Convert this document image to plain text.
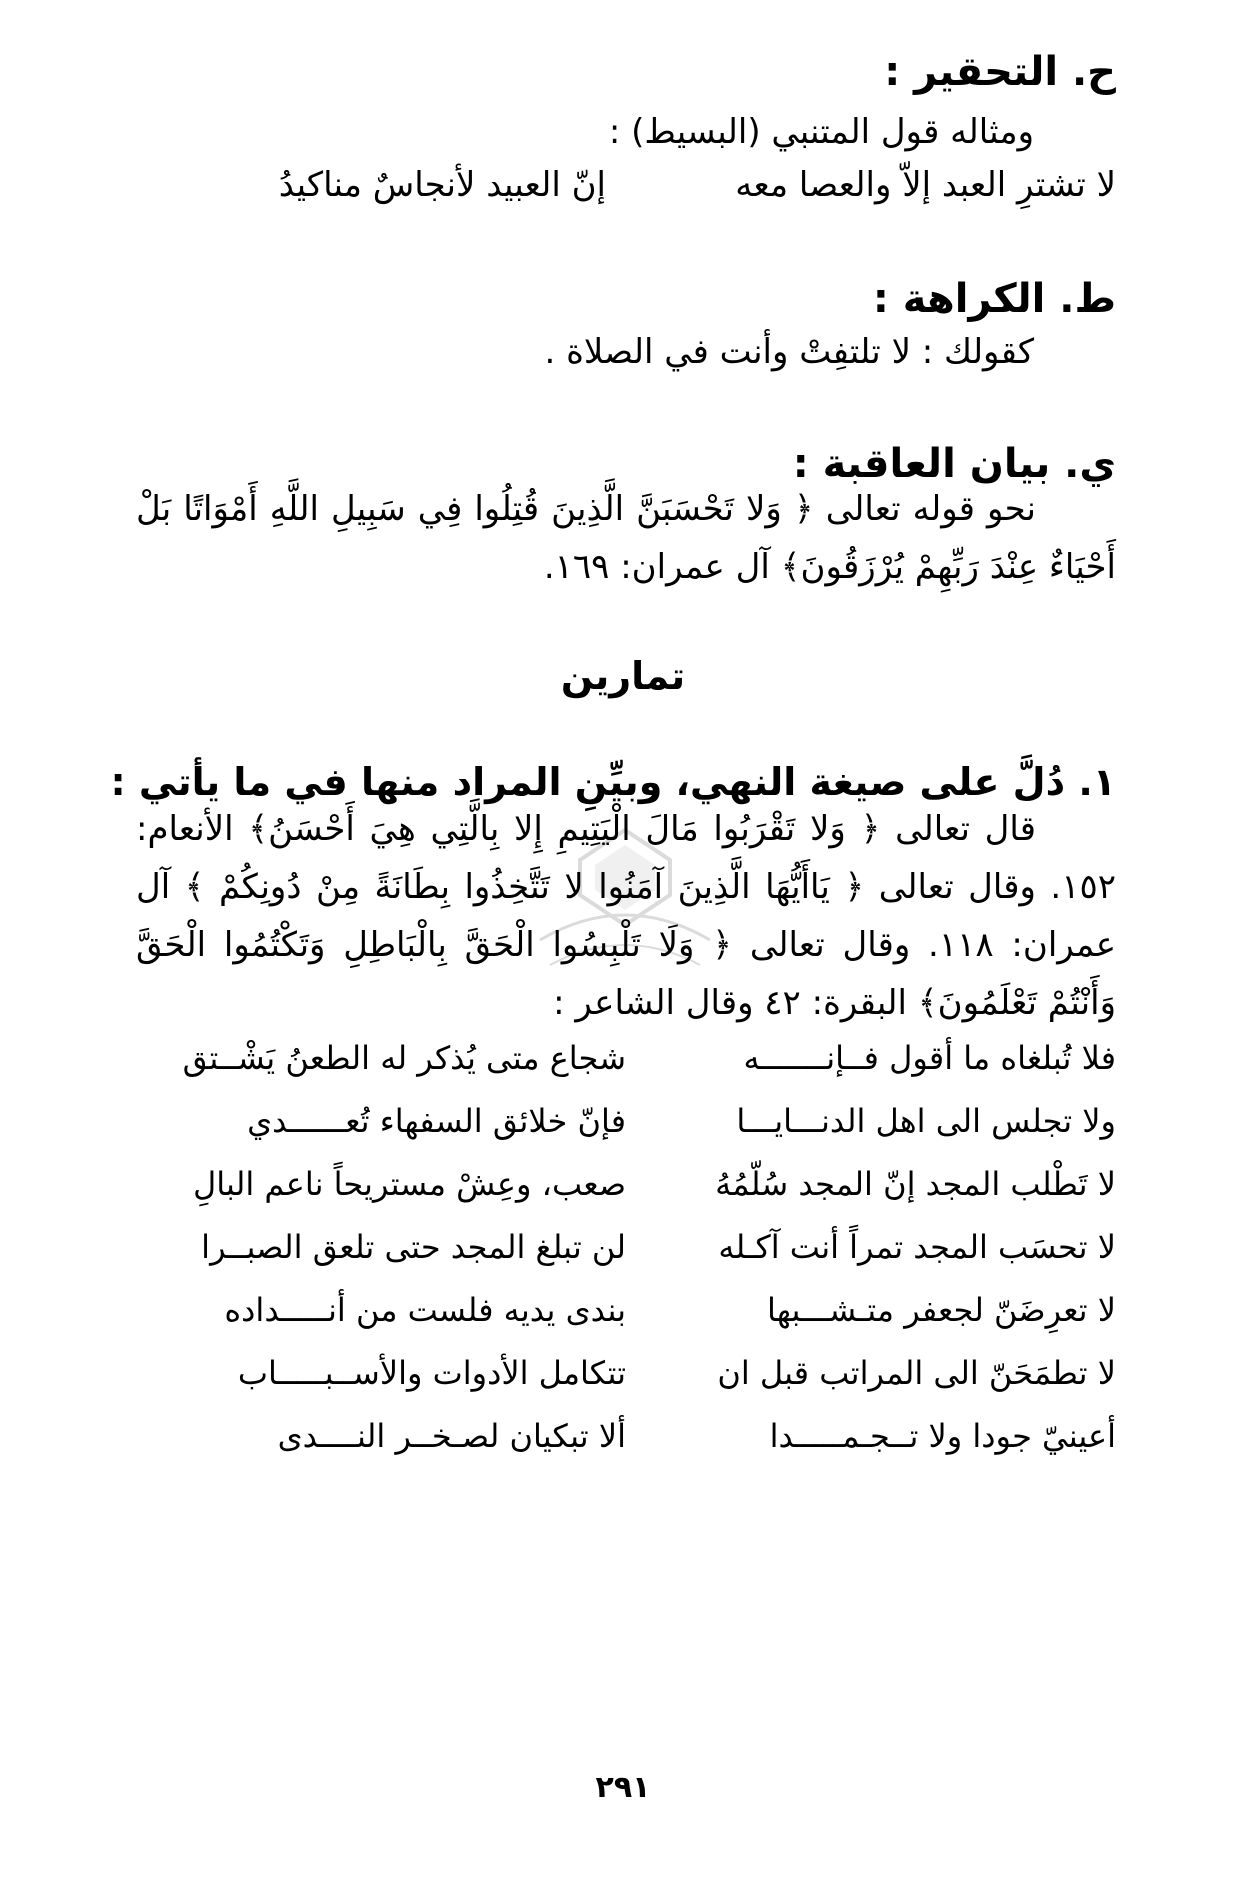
ح. التحقير :
ومثاله قول المتنبي (البسيط) :
لا تشترِ العبد إلاّ والعصا معه
إنّ العبيد لأنجاسٌ مناكيدُ
ط. الكراهة :
كقولك : لا تلتفِتْ وأنت في الصلاة .
ي. بيان العاقبة :
نحو قوله تعالى ﴿ وَلا تَحْسَبَنَّ الَّذِينَ قُتِلُوا فِي سَبِيلِ اللَّهِ أَمْوَاتًا بَلْ أَحْيَاءٌ عِنْدَ رَبِّهِمْ يُرْزَقُونَ﴾ آل عمران: ١٦٩.
تمارين
١. دُلَّ على صيغة النهي، وبيِّنِ المراد منها في ما يأتي :
قال تعالى ﴿ وَلا تَقْرَبُوا مَالَ الْيَتِيمِ إِلا بِالَّتِي هِيَ أَحْسَنُ﴾ الأنعام: ١٥٢. وقال تعالى ﴿ يَاأَيُّهَا الَّذِينَ آمَنُوا لا تَتَّخِذُوا بِطَانَةً مِنْ دُونِكُمْ ﴾ آل عمران: ١١٨. وقال تعالى ﴿ وَلَا تَلْبِسُوا الْحَقَّ بِالْبَاطِلِ وَتَكْتُمُوا الْحَقَّ وَأَنْتُمْ تَعْلَمُونَ﴾ البقرة: ٤٢ وقال الشاعر :
فلا تُبلغاه ما أقول فــإنـــــــه
شجاع متى يُذكر له الطعنُ يَشْــتق
ولا تجلس الى اهل الدنـــايـــا
فإنّ خلائق السفهاء تُعــــــدي
لا تَطْلب المجد إنّ المجد سُلّمُهُ
صعب، وعِشْ مستريحاً ناعم البالِ
لا تحسَب المجد تمراً أنت آكـله
لن تبلغ المجد حتى تلعق الصبــرا
لا تعرِضَنّ لجعفر متـشـــبها
بندى يديه فلست من أنـــــداده
لا تطمَحَنّ الى المراتب قبل ان
تتكامل الأدوات والأســبـــــاب
أعينيّ جودا ولا تــجـمـــــدا
ألا تبكيان لصـخــر النــــدى
٢٩١
